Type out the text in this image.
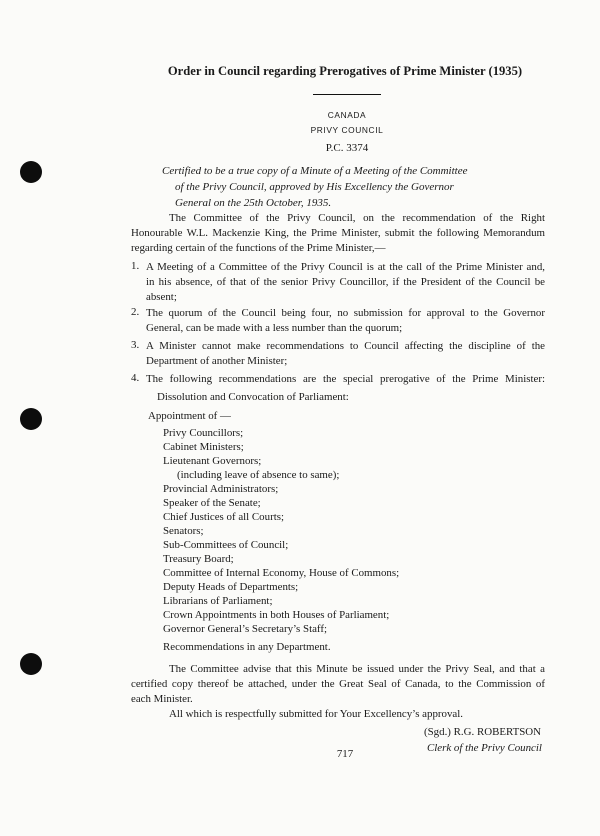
Order in Council regarding Prerogatives of Prime Minister (1935)

CANADA

PRIVY COUNCIL

P.C. 3374

Certified to be a true copy of a Minute of a Meeting of the Committee

of the Privy Council, approved by His Excellency the Governor

General on the 25th October, 1935.

The Committee of the Privy Council, on the recommendation of the Right

Honourable W.L. Mackenzie King, the Prime Minister, submit the following Memorandum

regarding certain of the functions of the Prime Minister,—

1. A Meeting of a Committee of the Privy Council is at the call of the Prime Minister and,

in his absence, of that of the senior Privy Councillor, if the President of the Council be

absent;

2. The quorum of the Council being four, no submission for approval to the Governor

General, can be made with a less number than the quorum;

3. A Minister cannot make recommendations to Council affecting the discipline of the

Department of another Minister;

4. The following recommendations are the special prerogative of the Prime Minister:

Dissolution and Convocation of Parliament:

Appointment of —

Privy Councillors;

Cabinet Ministers;

Lieutenant Governors;

(including leave of absence to same);

Provincial Administrators;

Speaker of the Senate;

Chief Justices of all Courts;

Senators;

Sub-Committees of Council;

Treasury Board;

Committee of Internal Economy, House of Commons;

Deputy Heads of Departments;

Librarians of Parliament;

Crown Appointments in both Houses of Parliament;

Governor General’s Secretary’s Staff;

Recommendations in any Department.

The Committee advise that this Minute be issued under the Privy Seal, and that a

certified copy thereof be attached, under the Great Seal of Canada, to the Commission of

each Minister.

All which is respectfully submitted for Your Excellency’s approval.

(Sgd.) R.G. ROBERTSON

Clerk of the Privy Council

717
